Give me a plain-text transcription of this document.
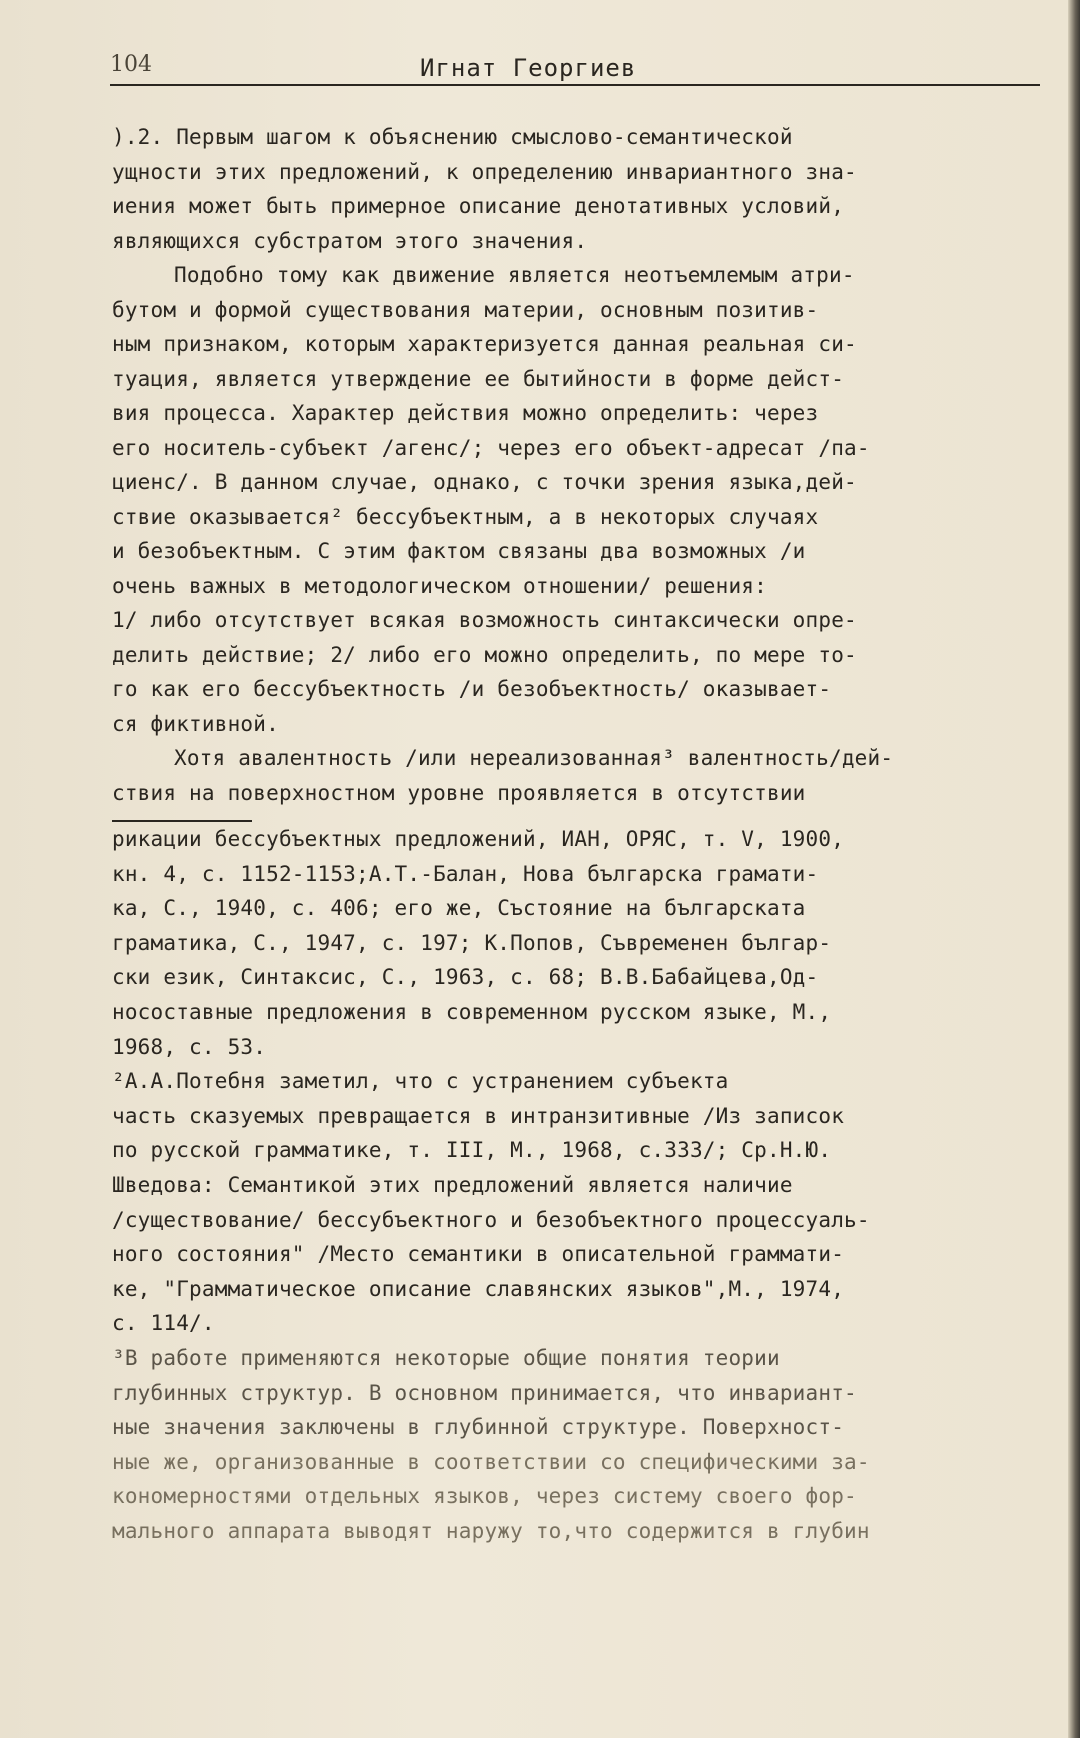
104	Игнат Георгиев
).2. Первым шагом к объяснению смыслово-семантической
ущности этих предложений, к определению инвариантного зна-
иения может быть примерное описание денотативных условий,
являющихся субстратом этого значения.
Подобно тому как движение является неотъемлемым атри-
бутом и формой существования материи, основным позитив-
ным признаком, которым характеризуется данная реальная си-
туация, является утверждение ее бытийности в форме дейст-
вия процесса. Характер действия можно определить: через
его носитель-субъект /агенс/; через его объект-адресат /па-
циенс/. В данном случае, однако, с точки зрения языка,дей-
ствие оказывается² бессубъектным, а в некоторых случаях
и безобъектным. С этим фактом связаны два возможных /и
очень важных в методологическом отношении/ решения:
1/ либо отсутствует всякая возможность синтаксически опре-
делить действие; 2/ либо его можно определить, по мере то-
го как его бессубъектность /и безобъектность/ оказывает-
ся фиктивной.
Хотя авалентность /или нереализованная³ валентность/дей-
ствия на поверхностном уровне проявляется в отсутствии
рикации бессубъектных предложений, ИАН, ОРЯС, т. V, 1900,
кн. 4, с. 1152-1153;А.Т.-Балан, Нова българска грамати-
ка, С., 1940, с. 406; его же, Състояние на българската
граматика, С., 1947, с. 197; К.Попов, Съвременен българ-
ски език, Синтаксис, С., 1963, с. 68; В.В.Бабайцева,Од-
носоставные предложения в современном русском языке, М.,
1968, с. 53.
²А.А.Потебня заметил, что с устранением субъекта
часть сказуемых превращается в интранзитивные /Из записок
по русской грамматике, т. III, М., 1968, с.333/; Ср.Н.Ю.
Шведова: Семантикой этих предложений является наличие
/существование/ бессубъектного и безобъектного процессуаль-
ного состояния" /Место семантики в описательной граммати-
ке, "Грамматическое описание славянских языков",М., 1974,
с. 114/.
³В работе применяются некоторые общие понятия теории
глубинных структур. В основном принимается, что инвариант-
ные значения заключены в глубинной структуре. Поверхност-
ные же, организованные в соответствии со специфическими за-
кономерностями отдельных языков, через систему своего фор-
мального аппарата выводят наружу то,что содержится в глубин
